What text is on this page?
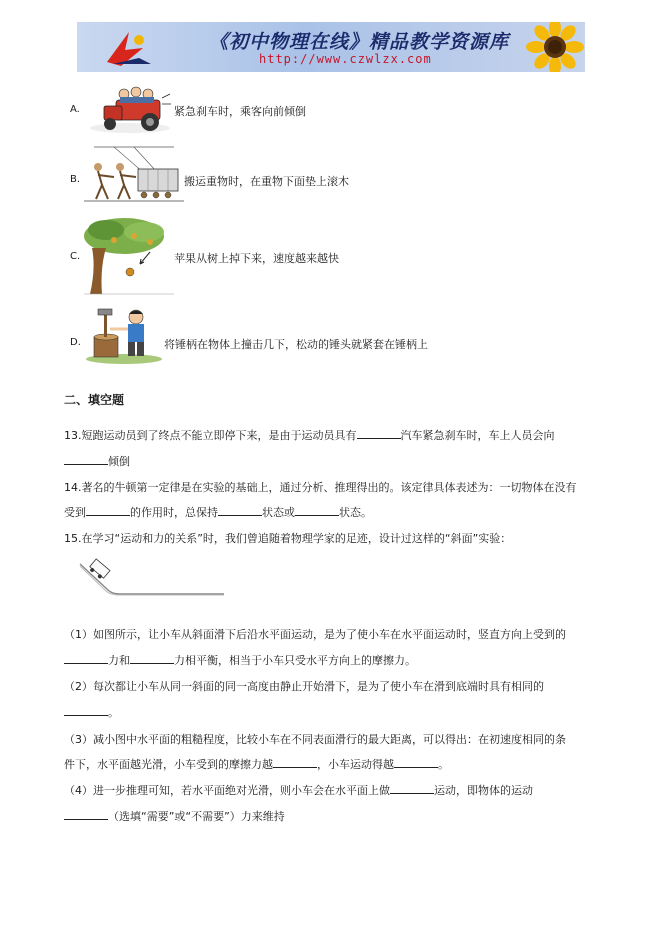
《初中物理在线》精品教学资源库
http://www.czwlzx.com
A.	紧急刹车时，乘客向前倾倒
B.	搬运重物时，在重物下面垫上滚木
C.	苹果从树上掉下来，速度越来越快
D.	将锤柄在物体上撞击几下，松动的锤头就紧套在锤柄上
二、填空题
13.短跑运动员到了终点不能立即停下来，是由于运动员具有	汽车紧急刹车时，车上人员会向
倾倒
14.著名的牛顿第一定律是在实验的基础上，通过分析、推理得出的。该定律具体表述为：一切物体在没有
受到	的作用时，总保持	状态或	状态。
15.在学习“运动和力的关系”时，我们曾追随着物理学家的足迹，设计过这样的“斜面”实验：
（1）如图所示，让小车从斜面滑下后沿水平面运动，是为了使小车在水平面运动时，竖直方向上受到的
力和	力相平衡，相当于小车只受水平方向上的摩擦力。
（2）每次都让小车从同一斜面的同一高度由静止开始滑下，是为了使小车在滑到底端时具有相同的
。
（3）减小图中水平面的粗糙程度，比较小车在不同表面滑行的最大距离，可以得出：在初速度相同的条
件下，水平面越光滑，小车受到的摩擦力越	，小车运动得越	。
（4）进一步推理可知，若水平面绝对光滑，则小车会在水平面上做	运动，即物体的运动
（选填“需要”或“不需要”）力来维持
